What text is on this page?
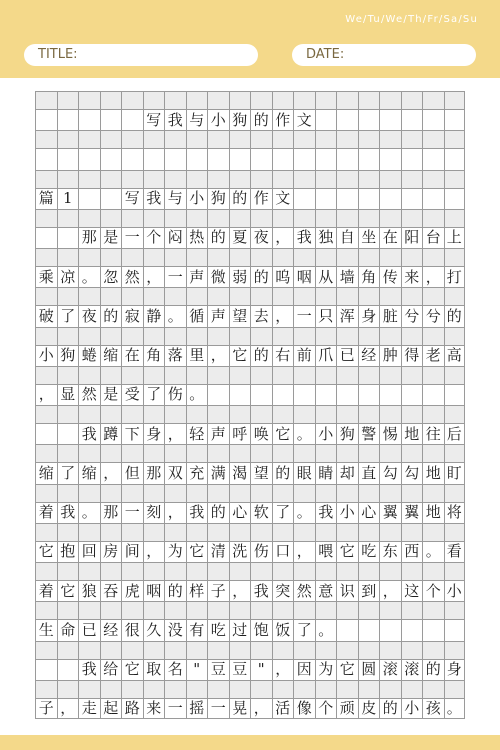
We/Tu/We/Th/Fr/Sa/Su
TITLE:	DATE:
写 我 与 小 狗 的 作 文
篇 1	写 我 与 小 狗 的 作 文
那 是 一 个 闷 热 的 夏 夜 ， 我 独 自 坐 在 阳 台 上
乘 凉 。 忽 然 ， 一 声 微 弱 的 呜 咽 从 墙 角 传 来 ， 打
破 了 夜 的 寂 静 。 循 声 望 去 ， 一 只 浑 身 脏 兮 兮 的
小 狗 蜷 缩 在 角 落 里 ， 它 的 右 前 爪 已 经 肿 得 老 高
， 显 然 是 受 了 伤 。
我 蹲 下 身 ， 轻 声 呼 唤 它 。 小 狗 警 惕 地 往 后
缩 了 缩 ， 但 那 双 充 满 渴 望 的 眼 睛 却 直 勾 勾 地 盯
着 我 。 那 一 刻 ， 我 的 心 软 了 。 我 小 心 翼 翼 地 将
它 抱 回 房 间 ， 为 它 清 洗 伤 口 ， 喂 它 吃 东 西 。 看
着 它 狼 吞 虎 咽 的 样 子 ， 我 突 然 意 识 到 ， 这 个 小
生 命 已 经 很 久 没 有 吃 过 饱 饭 了 。
我 给 它 取 名 " 豆 豆 " ， 因 为 它 圆 滚 滚 的 身
子 ， 走 起 路 来 一 摇 一 晃 ， 活 像 个 顽 皮 的 小 孩 。
